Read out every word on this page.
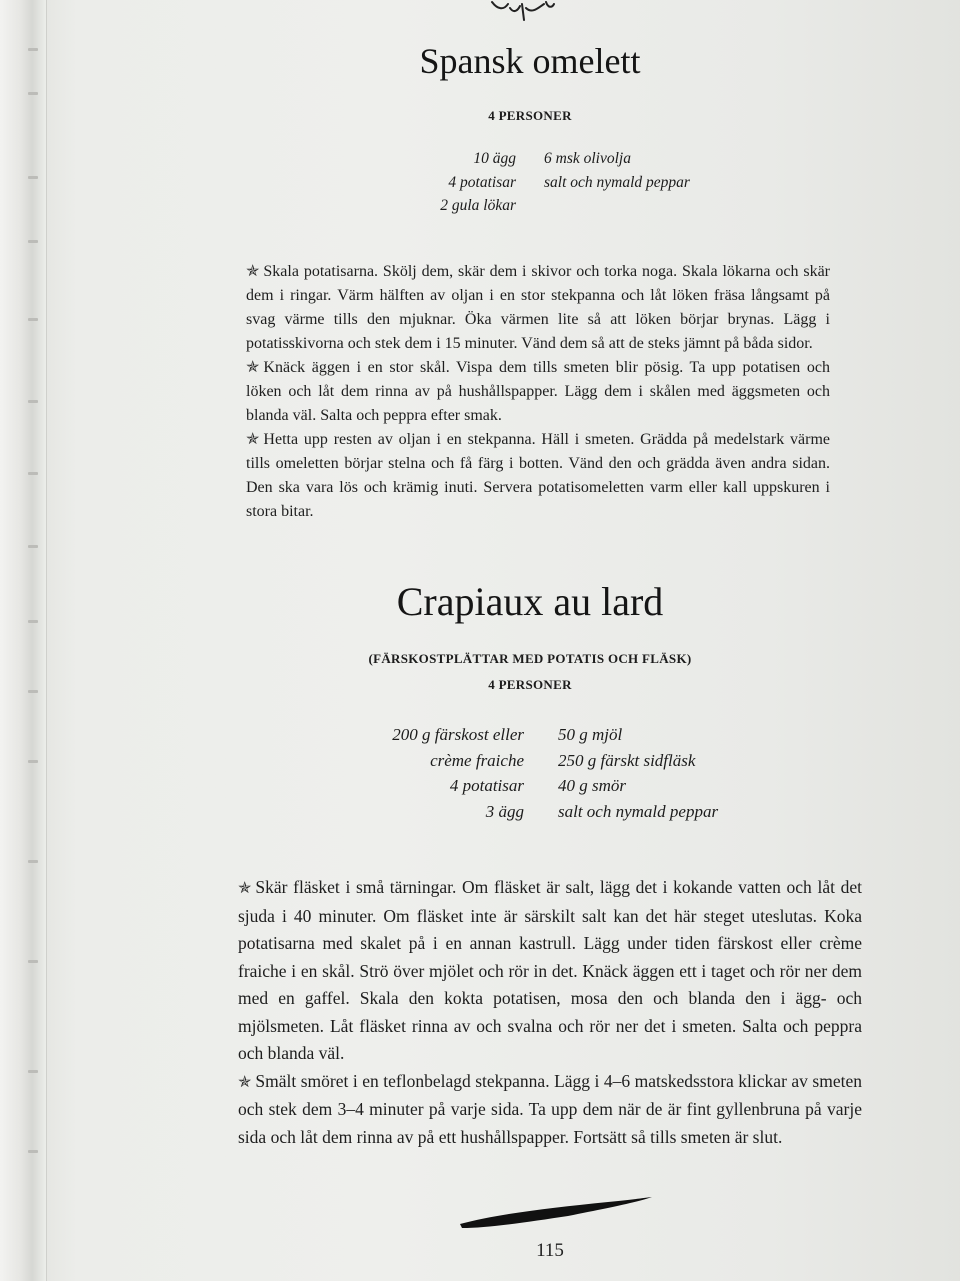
Spansk omelett
4 PERSONER
10 ägg
4 potatisar
2 gula lökar
6 msk olivolja
salt och nymald peppar

✯ Skala potatisarna. Skölj dem, skär dem i skivor och torka noga. Skala lökarna och skär dem i ringar. Värm hälften av oljan i en stor stekpanna och låt löken fräsa långsamt på svag värme tills den mjuknar. Öka värmen lite så att löken börjar brynas. Lägg i potatisskivorna och stek dem i 15 minuter. Vänd dem så att de steks jämnt på båda sidor.

✯ Knäck äggen i en stor skål. Vispa dem tills smeten blir pösig. Ta upp potatisen och löken och låt dem rinna av på hushållspapper. Lägg dem i skålen med äggsmeten och blanda väl. Salta och peppra efter smak.

✯ Hetta upp resten av oljan i en stekpanna. Häll i smeten. Grädda på medelstark värme tills omeletten börjar stelna och få färg i botten. Vänd den och grädda även andra sidan. Den ska vara lös och krämig inuti. Servera potatisomeletten varm eller kall uppskuren i stora bitar.

Crapiaux au lard
(FÄRSKOSTPLÄTTAR MED POTATIS OCH FLÄSK)
4 PERSONER
200 g färskost eller
crème fraiche
4 potatisar
3 ägg
50 g mjöl
250 g färskt sidfläsk
40 g smör
salt och nymald peppar

✯ Skär fläsket i små tärningar. Om fläsket är salt, lägg det i kokande vatten och låt det sjuda i 40 minuter. Om fläsket inte är särskilt salt kan det här steget uteslutas. Koka potatisarna med skalet på i en annan kastrull. Lägg under tiden färskost eller crème fraiche i en skål. Strö över mjölet och rör in det. Knäck äggen ett i taget och rör ner dem med en gaffel. Skala den kokta potatisen, mosa den och blanda den i ägg- och mjölsmeten. Låt fläsket rinna av och svalna och rör ner det i smeten. Salta och peppra och blanda väl.

✯ Smält smöret i en teflonbelagd stekpanna. Lägg i 4–6 matskedsstora klickar av smeten och stek dem 3–4 minuter på varje sida. Ta upp dem när de är fint gyllenbruna på varje sida och låt dem rinna av på ett hushållspapper. Fortsätt så tills smeten är slut.

115
